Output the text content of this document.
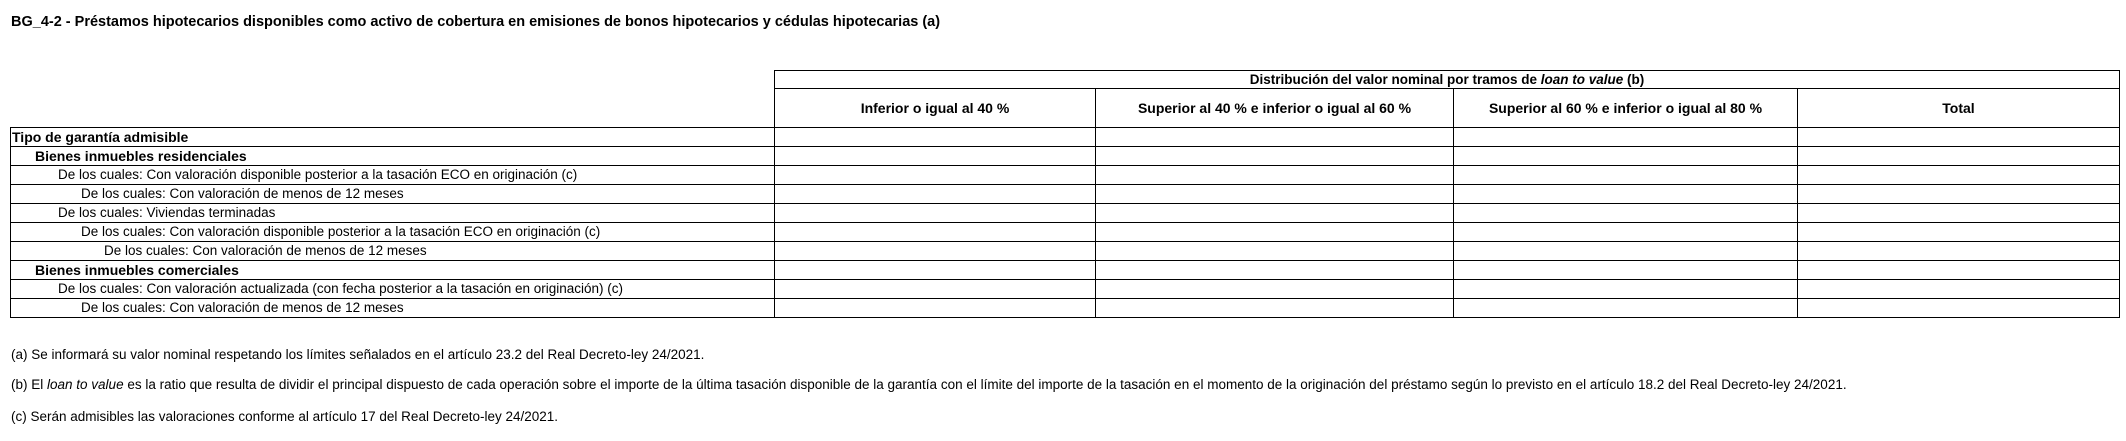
BG_4-2 - Préstamos hipotecarios disponibles como activo de cobertura en emisiones de bonos hipotecarios y cédulas hipotecarias (a)
	Distribución del valor nominal por tramos de loan to value (b)			
	Inferior o igual al 40 %	Superior al 40 % e inferior o igual al 60 %	Superior al 60 % e inferior o igual al 80 %	Total
Tipo de garantía admisible				
Bienes inmuebles residenciales				
De los cuales: Con valoración disponible posterior a la tasación ECO en originación (c)				
De los cuales: Con valoración de menos de 12 meses				
De los cuales: Viviendas terminadas				
De los cuales: Con valoración disponible posterior a la tasación ECO en originación (c)				
De los cuales: Con valoración de menos de 12 meses				
Bienes inmuebles comerciales				
De los cuales: Con valoración actualizada (con fecha posterior a la tasación en originación) (c)				
De los cuales: Con valoración de menos de 12 meses				
(a) Se informará su valor nominal respetando los límites señalados en el artículo 23.2 del Real Decreto-ley 24/2021.
(b) El loan to value es la ratio que resulta de dividir el principal dispuesto de cada operación sobre el importe de la última tasación disponible de la garantía con el límite del importe de la tasación en el momento de la originación del préstamo según lo previsto en el artículo 18.2 del Real Decreto-ley 24/2021.
(c) Serán admisibles las valoraciones conforme al artículo 17 del Real Decreto-ley 24/2021.
